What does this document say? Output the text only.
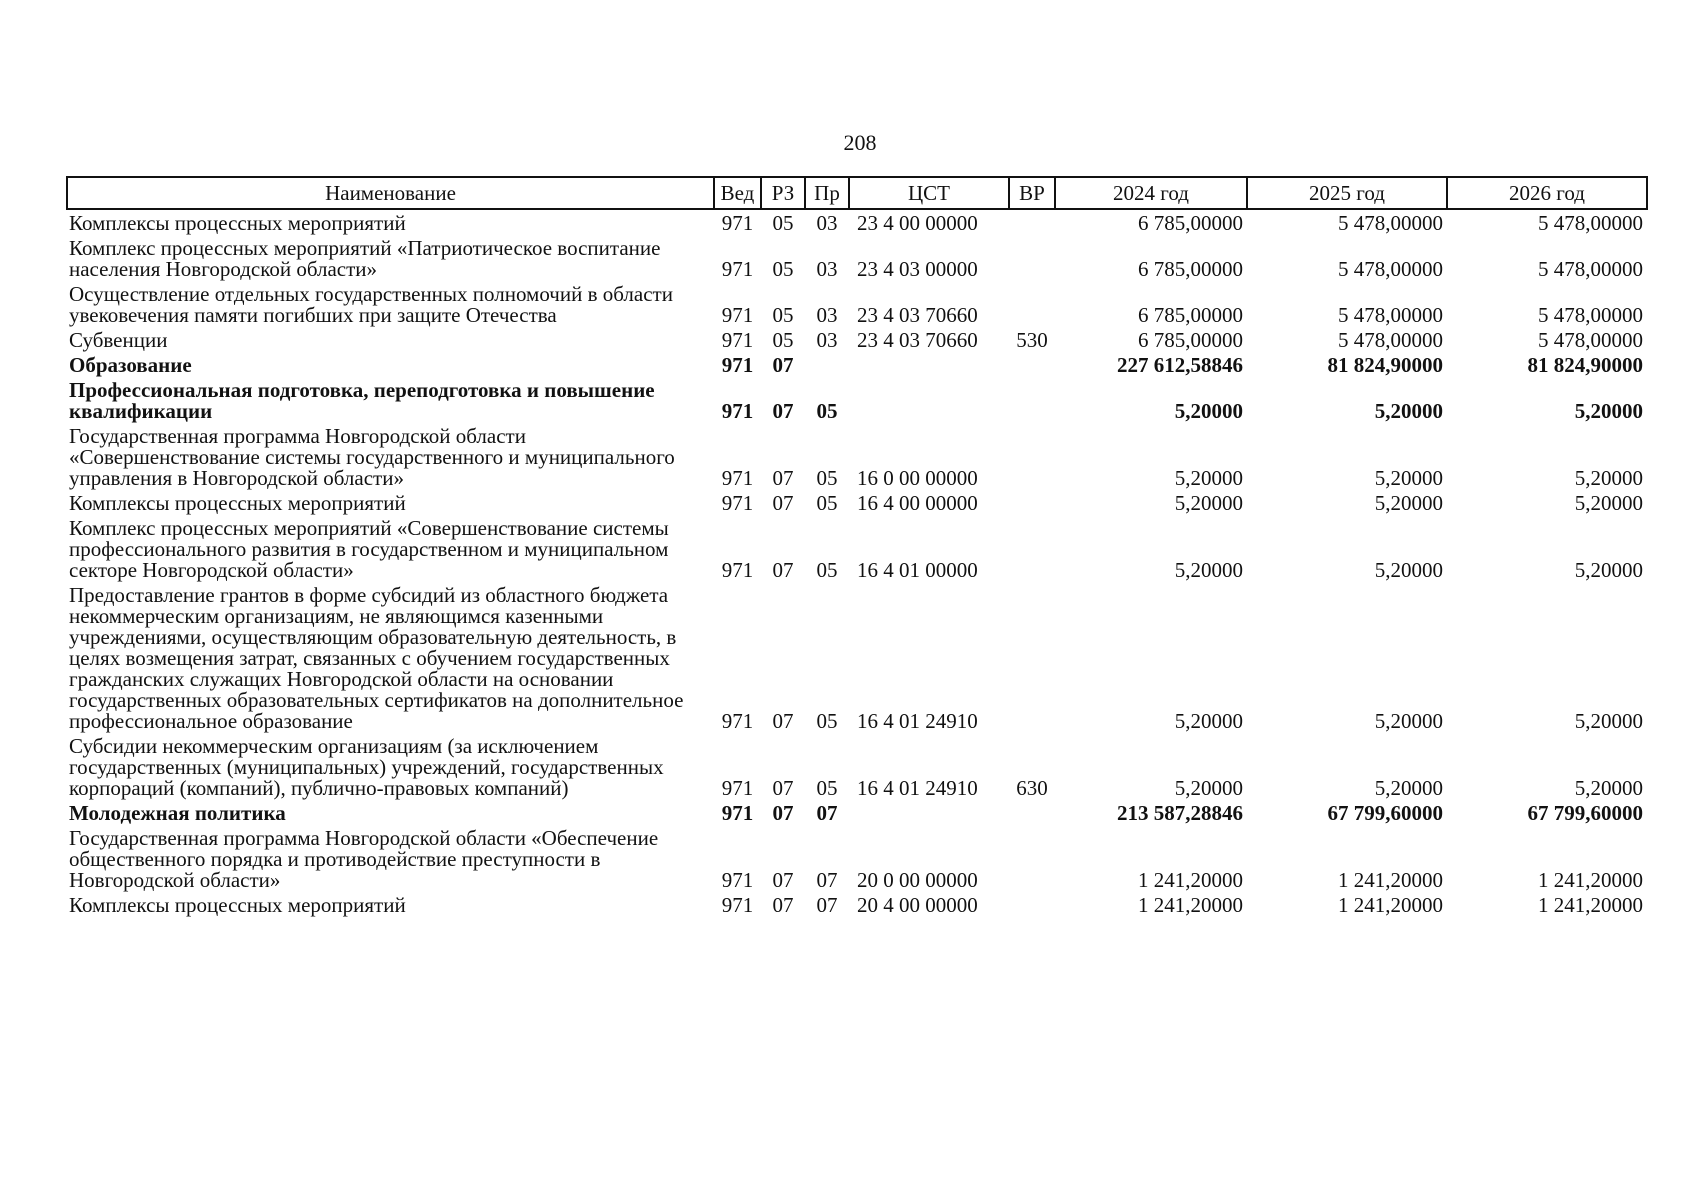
208
Наименование	Вед	РЗ	Пр	ЦСТ	ВР	2024 год	2025 год	2026 год
Комплексы процессных мероприятий	971	05	03	23 4 00 00000		6 785,00000	5 478,00000	5 478,00000
Комплекс процессных мероприятий «Патриотическое воспитание населения Новгородской области»	971	05	03	23 4 03 00000		6 785,00000	5 478,00000	5 478,00000
Осуществление отдельных государственных полномочий в области увековечения памяти погибших при защите Отечества	971	05	03	23 4 03 70660		6 785,00000	5 478,00000	5 478,00000
Субвенции	971	05	03	23 4 03 70660	530	6 785,00000	5 478,00000	5 478,00000
Образование	971	07				227 612,58846	81 824,90000	81 824,90000
Профессиональная подготовка, переподготовка и повышение квалификации	971	07	05			5,20000	5,20000	5,20000
Государственная программа Новгородской области «Совершенствование системы государственного и муниципального управления в Новгородской области»	971	07	05	16 0 00 00000		5,20000	5,20000	5,20000
Комплексы процессных мероприятий	971	07	05	16 4 00 00000		5,20000	5,20000	5,20000
Комплекс процессных мероприятий «Совершенствование системы профессионального развития в государственном и муниципальном секторе Новгородской области»	971	07	05	16 4 01 00000		5,20000	5,20000	5,20000
Предоставление грантов в форме субсидий из областного бюджета некоммерческим организациям, не являющимся казенными учреждениями, осуществляющим образовательную деятельность, в целях возмещения затрат, связанных с обучением государственных гражданских служащих Новгородской области на основании государственных образовательных сертификатов на дополнительное профессиональное образование	971	07	05	16 4 01 24910		5,20000	5,20000	5,20000
Субсидии некоммерческим организациям (за исключением государственных (муниципальных) учреждений, государственных корпораций (компаний), публично-правовых компаний)	971	07	05	16 4 01 24910	630	5,20000	5,20000	5,20000
Молодежная политика	971	07	07			213 587,28846	67 799,60000	67 799,60000
Государственная программа Новгородской области «Обеспечение общественного порядка и противодействие преступности в Новгородской области»	971	07	07	20 0 00 00000		1 241,20000	1 241,20000	1 241,20000
Комплексы процессных мероприятий	971	07	07	20 4 00 00000		1 241,20000	1 241,20000	1 241,20000
